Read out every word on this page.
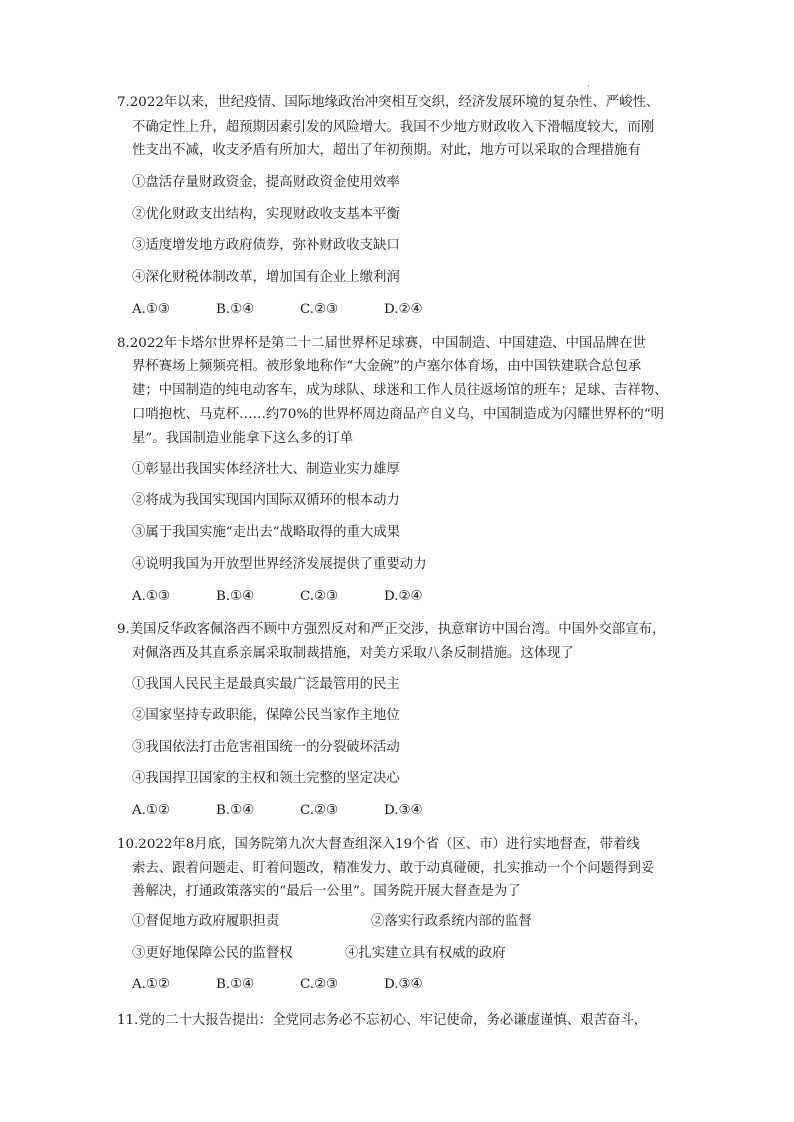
·
7.2022年以来，世纪疫情、国际地缘政治冲突相互交织，经济发展环境的复杂性、严峻性、
不确定性上升，超预期因素引发的风险增大。我国不少地方财政收入下滑幅度较大，而刚
性支出不减，收支矛盾有所加大，超出了年初预期。对此，地方可以采取的合理措施有
①盘活存量财政资金，提高财政资金使用效率
②优化财政支出结构，实现财政收支基本平衡
③适度增发地方政府债券，弥补财政收支缺口
④深化财税体制改革，增加国有企业上缴利润
A.①③	B.①④	C.②③	D.②④
8.2022年卡塔尔世界杯是第二十二届世界杯足球赛，中国制造、中国建造、中国品牌在世
界杯赛场上频频亮相。被形象地称作“大金碗”的卢塞尔体育场，由中国铁建联合总包承
建；中国制造的纯电动客车，成为球队、球迷和工作人员往返场馆的班车；足球、吉祥物、
口哨抱枕、马克杯……约70%的世界杯周边商品产自义乌，中国制造成为闪耀世界杯的“明
星”。我国制造业能拿下这么多的订单
①彰显出我国实体经济壮大、制造业实力雄厚
②将成为我国实现国内国际双循环的根本动力
③属于我国实施“走出去”战略取得的重大成果
④说明我国为开放型世界经济发展提供了重要动力
A.①③	B.①④	C.②③	D.②④
9.美国反华政客佩洛西不顾中方强烈反对和严正交涉，执意窜访中国台湾。中国外交部宣布，
对佩洛西及其直系亲属采取制裁措施，对美方采取八条反制措施。这体现了
①我国人民民主是最真实最广泛最管用的民主
②国家坚持专政职能，保障公民当家作主地位
③我国依法打击危害祖国统一的分裂破坏活动
④我国捍卫国家的主权和领土完整的坚定决心
A.①②	B.①④	C.②③	D.③④
10.2022年8月底，国务院第九次大督查组深入19个省（区、市）进行实地督查，带着线
索去、跟着问题走、盯着问题改，精准发力、敢于动真碰硬，扎实推动一个个问题得到妥
善解决，打通政策落实的“最后一公里”。国务院开展大督查是为了
①督促地方政府履职担责	②落实行政系统内部的监督
③更好地保障公民的监督权	④扎实建立具有权威的政府
A.①②	B.①④	C.②③	D.③④
11.党的二十大报告提出：全党同志务必不忘初心、牢记使命，务必谦虚谨慎、艰苦奋斗，
